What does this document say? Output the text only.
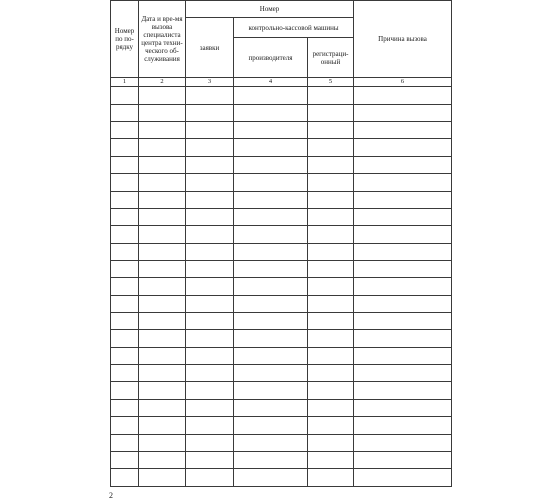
Номер по по-рядку	Дата и вре-мя вызова специалиста центра техни-ческого об-служивания	Номер			Причина вызова
		заявки	контрольно-кассовой машины		
			производителя	регистраци-онный	
1	2	3	4	5	6

2
